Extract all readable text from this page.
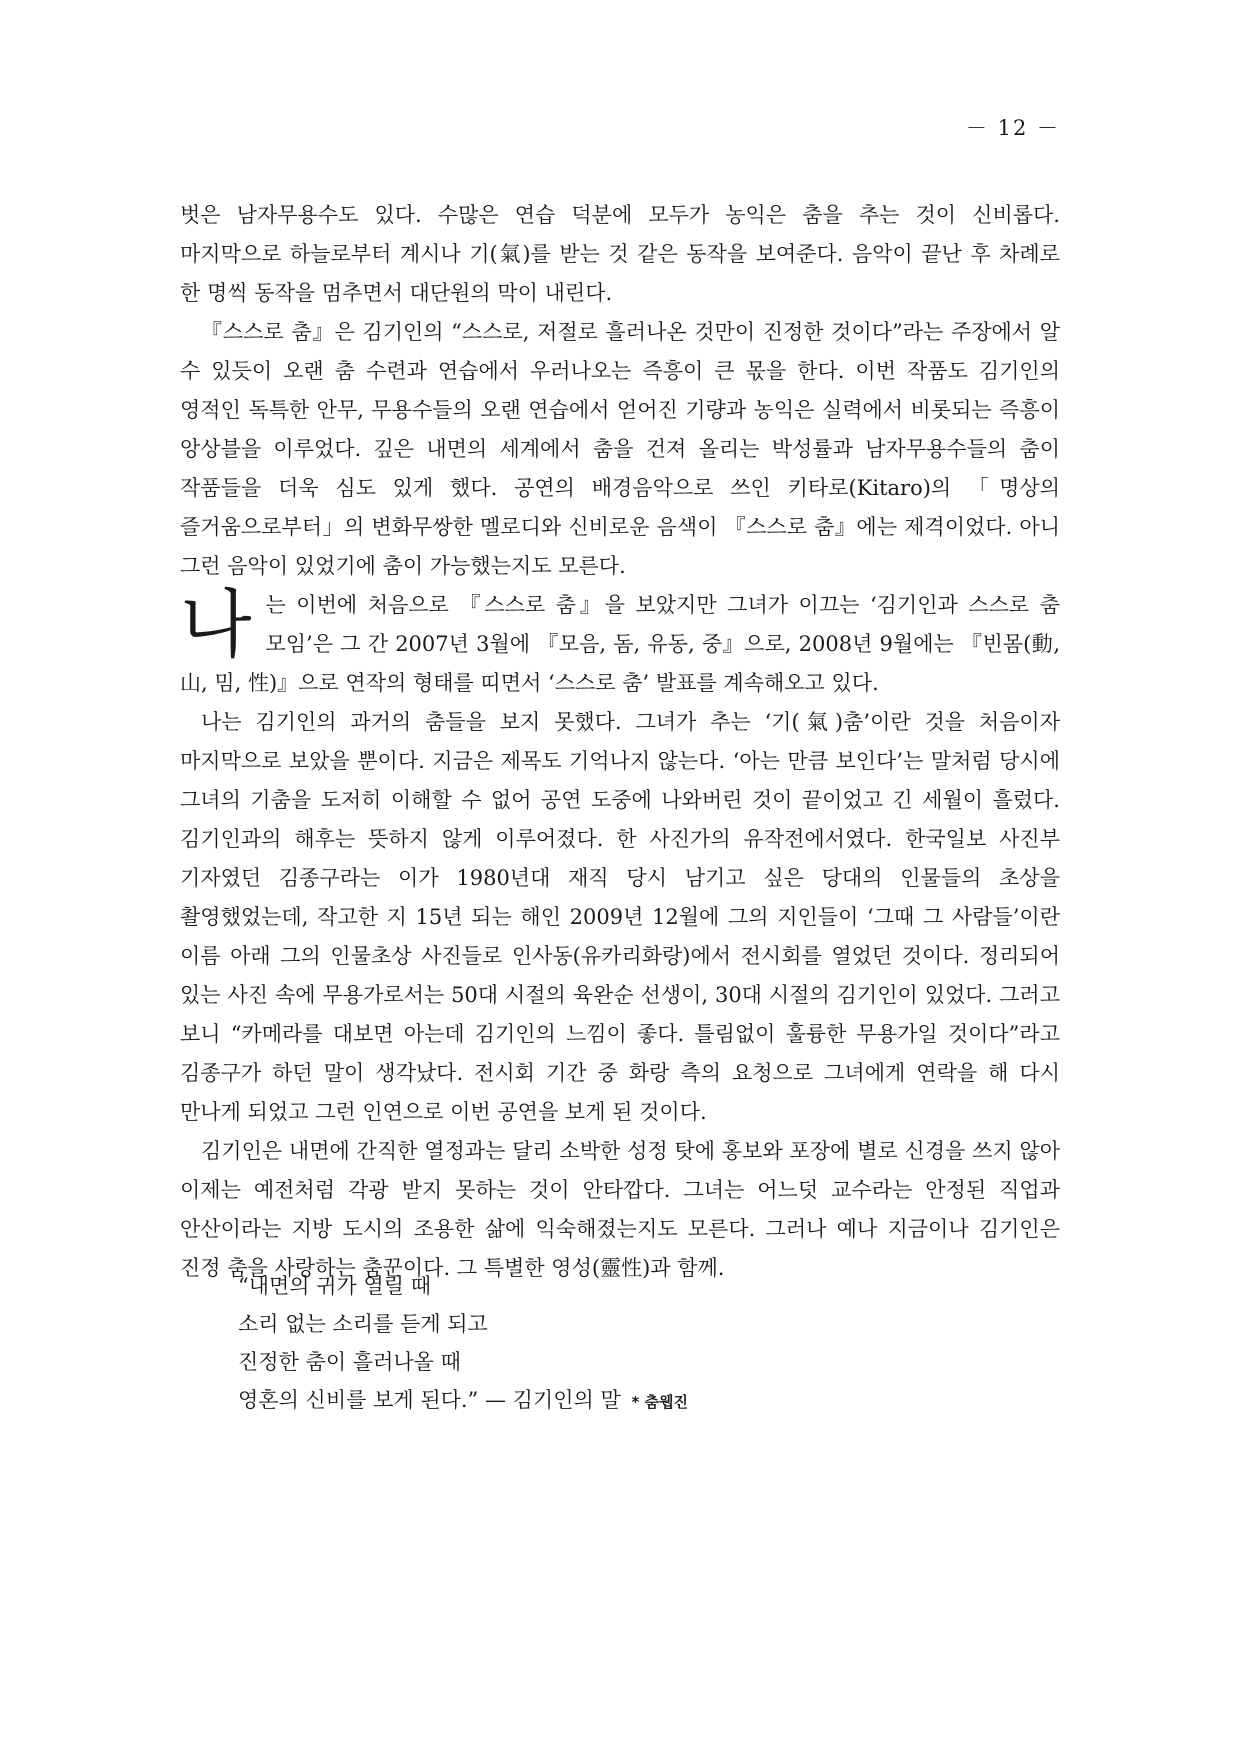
－ 12 －

벗은 남자무용수도 있다. 수많은 연습 덕분에 모두가 농익은 춤을 추는 것이 신비롭다. 마지막으로 하늘로부터 계시나 기(氣)를 받는 것 같은 동작을 보여준다. 음악이 끝난 후 차례로 한 명씩 동작을 멈추면서 대단원의 막이 내린다.

『스스로 춤』은 김기인의 “스스로, 저절로 흘러나온 것만이 진정한 것이다”라는 주장에서 알 수 있듯이 오랜 춤 수련과 연습에서 우러나오는 즉흥이 큰 몫을 한다. 이번 작품도 김기인의 영적인 독특한 안무, 무용수들의 오랜 연습에서 얻어진 기량과 농익은 실력에서 비롯되는 즉흥이 앙상블을 이루었다. 깊은 내면의 세계에서 춤을 건져 올리는 박성률과 남자무용수들의 춤이 작품들을 더욱 심도 있게 했다. 공연의 배경음악으로 쓰인 키타로(Kitaro)의 「명상의 즐거움으로부터」의 변화무쌍한 멜로디와 신비로운 음색이 『스스로 춤』에는 제격이었다. 아니 그런 음악이 있었기에 춤이 가능했는지도 모른다.

나 는 이번에 처음으로 『스스로 춤』을 보았지만 그녀가 이끄는 ‘김기인과 스스로 춤 모임’은 그 간 2007년 3월에 『모음, 돔, 유동, 중』으로, 2008년 9월에는 『빈몸(動, 山, 밈, 性)』으로 연작의 형태를 띠면서 ‘스스로 춤’ 발표를 계속해오고 있다.

나는 김기인의 과거의 춤들을 보지 못했다. 그녀가 추는 ‘기(氣)춤’이란 것을 처음이자 마지막으로 보았을 뿐이다. 지금은 제목도 기억나지 않는다. ‘아는 만큼 보인다’는 말처럼 당시에 그녀의 기춤을 도저히 이해할 수 없어 공연 도중에 나와버린 것이 끝이었고 긴 세월이 흘렀다. 김기인과의 해후는 뜻하지 않게 이루어졌다. 한 사진가의 유작전에서였다. 한국일보 사진부 기자였던 김종구라는 이가 1980년대 재직 당시 남기고 싶은 당대의 인물들의 초상을 촬영했었는데, 작고한 지 15년 되는 해인 2009년 12월에 그의 지인들이 ‘그때 그 사람들’이란 이름 아래 그의 인물초상 사진들로 인사동(유카리화랑)에서 전시회를 열었던 것이다. 정리되어 있는 사진 속에 무용가로서는 50대 시절의 육완순 선생이, 30대 시절의 김기인이 있었다. 그러고 보니 “카메라를 대보면 아는데 김기인의 느낌이 좋다. 틀림없이 훌륭한 무용가일 것이다”라고 김종구가 하던 말이 생각났다. 전시회 기간 중 화랑 측의 요청으로 그녀에게 연락을 해 다시 만나게 되었고 그런 인연으로 이번 공연을 보게 된 것이다.

김기인은 내면에 간직한 열정과는 달리 소박한 성정 탓에 홍보와 포장에 별로 신경을 쓰지 않아 이제는 예전처럼 각광 받지 못하는 것이 안타깝다. 그녀는 어느덧 교수라는 안정된 직업과 안산이라는 지방 도시의 조용한 삶에 익숙해졌는지도 모른다. 그러나 예나 지금이나 김기인은 진정 춤을 사랑하는 춤꾼이다. 그 특별한 영성(靈性)과 함께.

“내면의 귀가 열릴 때
소리 없는 소리를 듣게 되고
진정한 춤이 흘러나올 때
영혼의 신비를 보게 된다.” — 김기인의 말 * 춤웹진
